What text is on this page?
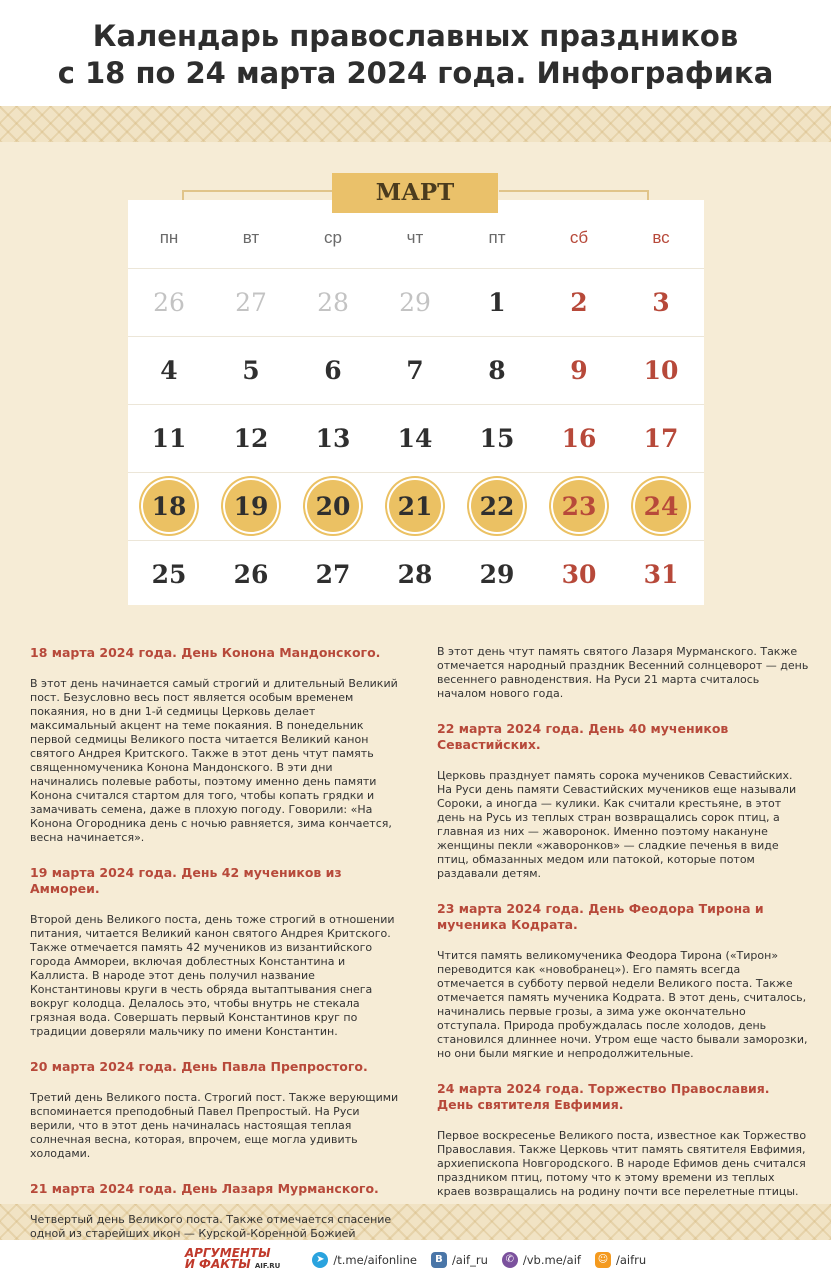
Календарь православных праздников
с 18 по 24 марта 2024 года. Инфографика
МАРТ
пн	вт	ср	чт	пт	сб	вс
26 27 28 29 1	2	3
4	5	6	7	8	9 10
11 12 13 14 15 16 17
18 19 20 21 22 23 24
25 26 27 28 29 30 31
18 марта 2024 года. День Конона Мандонского.

В этот день начинается самый строгий и длительный Великий пост. Безусловно весь пост является особым временем покаяния, но в дни 1-й седмицы Церковь делает максимальный акцент на теме покаяния. В понедельник первой седмицы Великого поста читается Великий канон святого Андрея Критского. Также в этот день чтут память священномученика Конона Мандонского. В эти дни начинались полевые работы, поэтому именно день памяти Конона считался стартом для того, чтобы копать грядки и замачивать семена, даже в плохую погоду. Говорили: «На Конона Огородника день с ночью равняется, зима кончается, весна начинается».

19 марта 2024 года. День 42 мучеников из Аммореи.

Второй день Великого поста, день тоже строгий в отношении питания, читается Великий канон святого Андрея Критского. Также отмечается память 42 мучеников из византийского города Аммореи, включая доблестных Константина и Каллиста. В народе этот день получил название Константиновы круги в честь обряда вытаптывания снега вокруг колодца. Делалось это, чтобы внутрь не стекала грязная вода. Совершать первый Константинов круг по традиции доверяли мальчику по имени Константин.

20 марта 2024 года. День Павла Препростого.

Третий день Великого поста. Строгий пост. Также верующими вспоминается преподобный Павел Препростый. На Руси верили, что в этот день начиналась настоящая теплая солнечная весна, которая, впрочем, еще могла удивить холодами.

21 марта 2024 года. День Лазаря Мурманского.

Четвертый день Великого поста. Также отмечается спасение одной из старейших икон — Курской-Коренной Божией

В этот день чтут память святого Лазаря Мурманского. Также отмечается народный праздник Весенний солнцеворот — день весеннего равноденствия. На Руси 21 марта считалось началом нового года.

22 марта 2024 года. День 40 мучеников Севастийских.

Церковь празднует память сорока мучеников Севастийских. На Руси день памяти Севастийских мучеников еще называли Сороки, а иногда — кулики. Как считали крестьяне, в этот день на Русь из теплых стран возвращались сорок птиц, а главная из них — жаворонок. Именно поэтому накануне женщины пекли «жаворонков» — сладкие печенья в виде птиц, обмазанных медом или патокой, которые потом раздавали детям.

23 марта 2024 года. День Феодора Тирона и мученика Кодрата.

Чтится память великомученика Феодора Тирона («Тирон» переводится как «новобранец»). Его память всегда отмечается в субботу первой недели Великого поста. Также отмечается память мученика Кодрата. В этот день, считалось, начинались первые грозы, а зима уже окончательно отступала. Природа пробуждалась после холодов, день становился длиннее ночи. Утром еще часто бывали заморозки, но они были мягкие и непродолжительные.

24 марта 2024 года. Торжество Православия. День святителя Евфимия.

Первое воскресенье Великого поста, известное как Торжество Православия. Также Церковь чтит память святителя Евфимия, архиепископа Новгородского. В народе Ефимов день считался праздником птиц, потому что к этому времени из теплых краев возвращались на родину почти все перелетные птицы.

АРГУМЕНТЫ
И ФАКТЫ AIF.RU
➤ /t.me/aifonline	B /aif_ru	✆ /vb.me/aif ☺ /aifru
